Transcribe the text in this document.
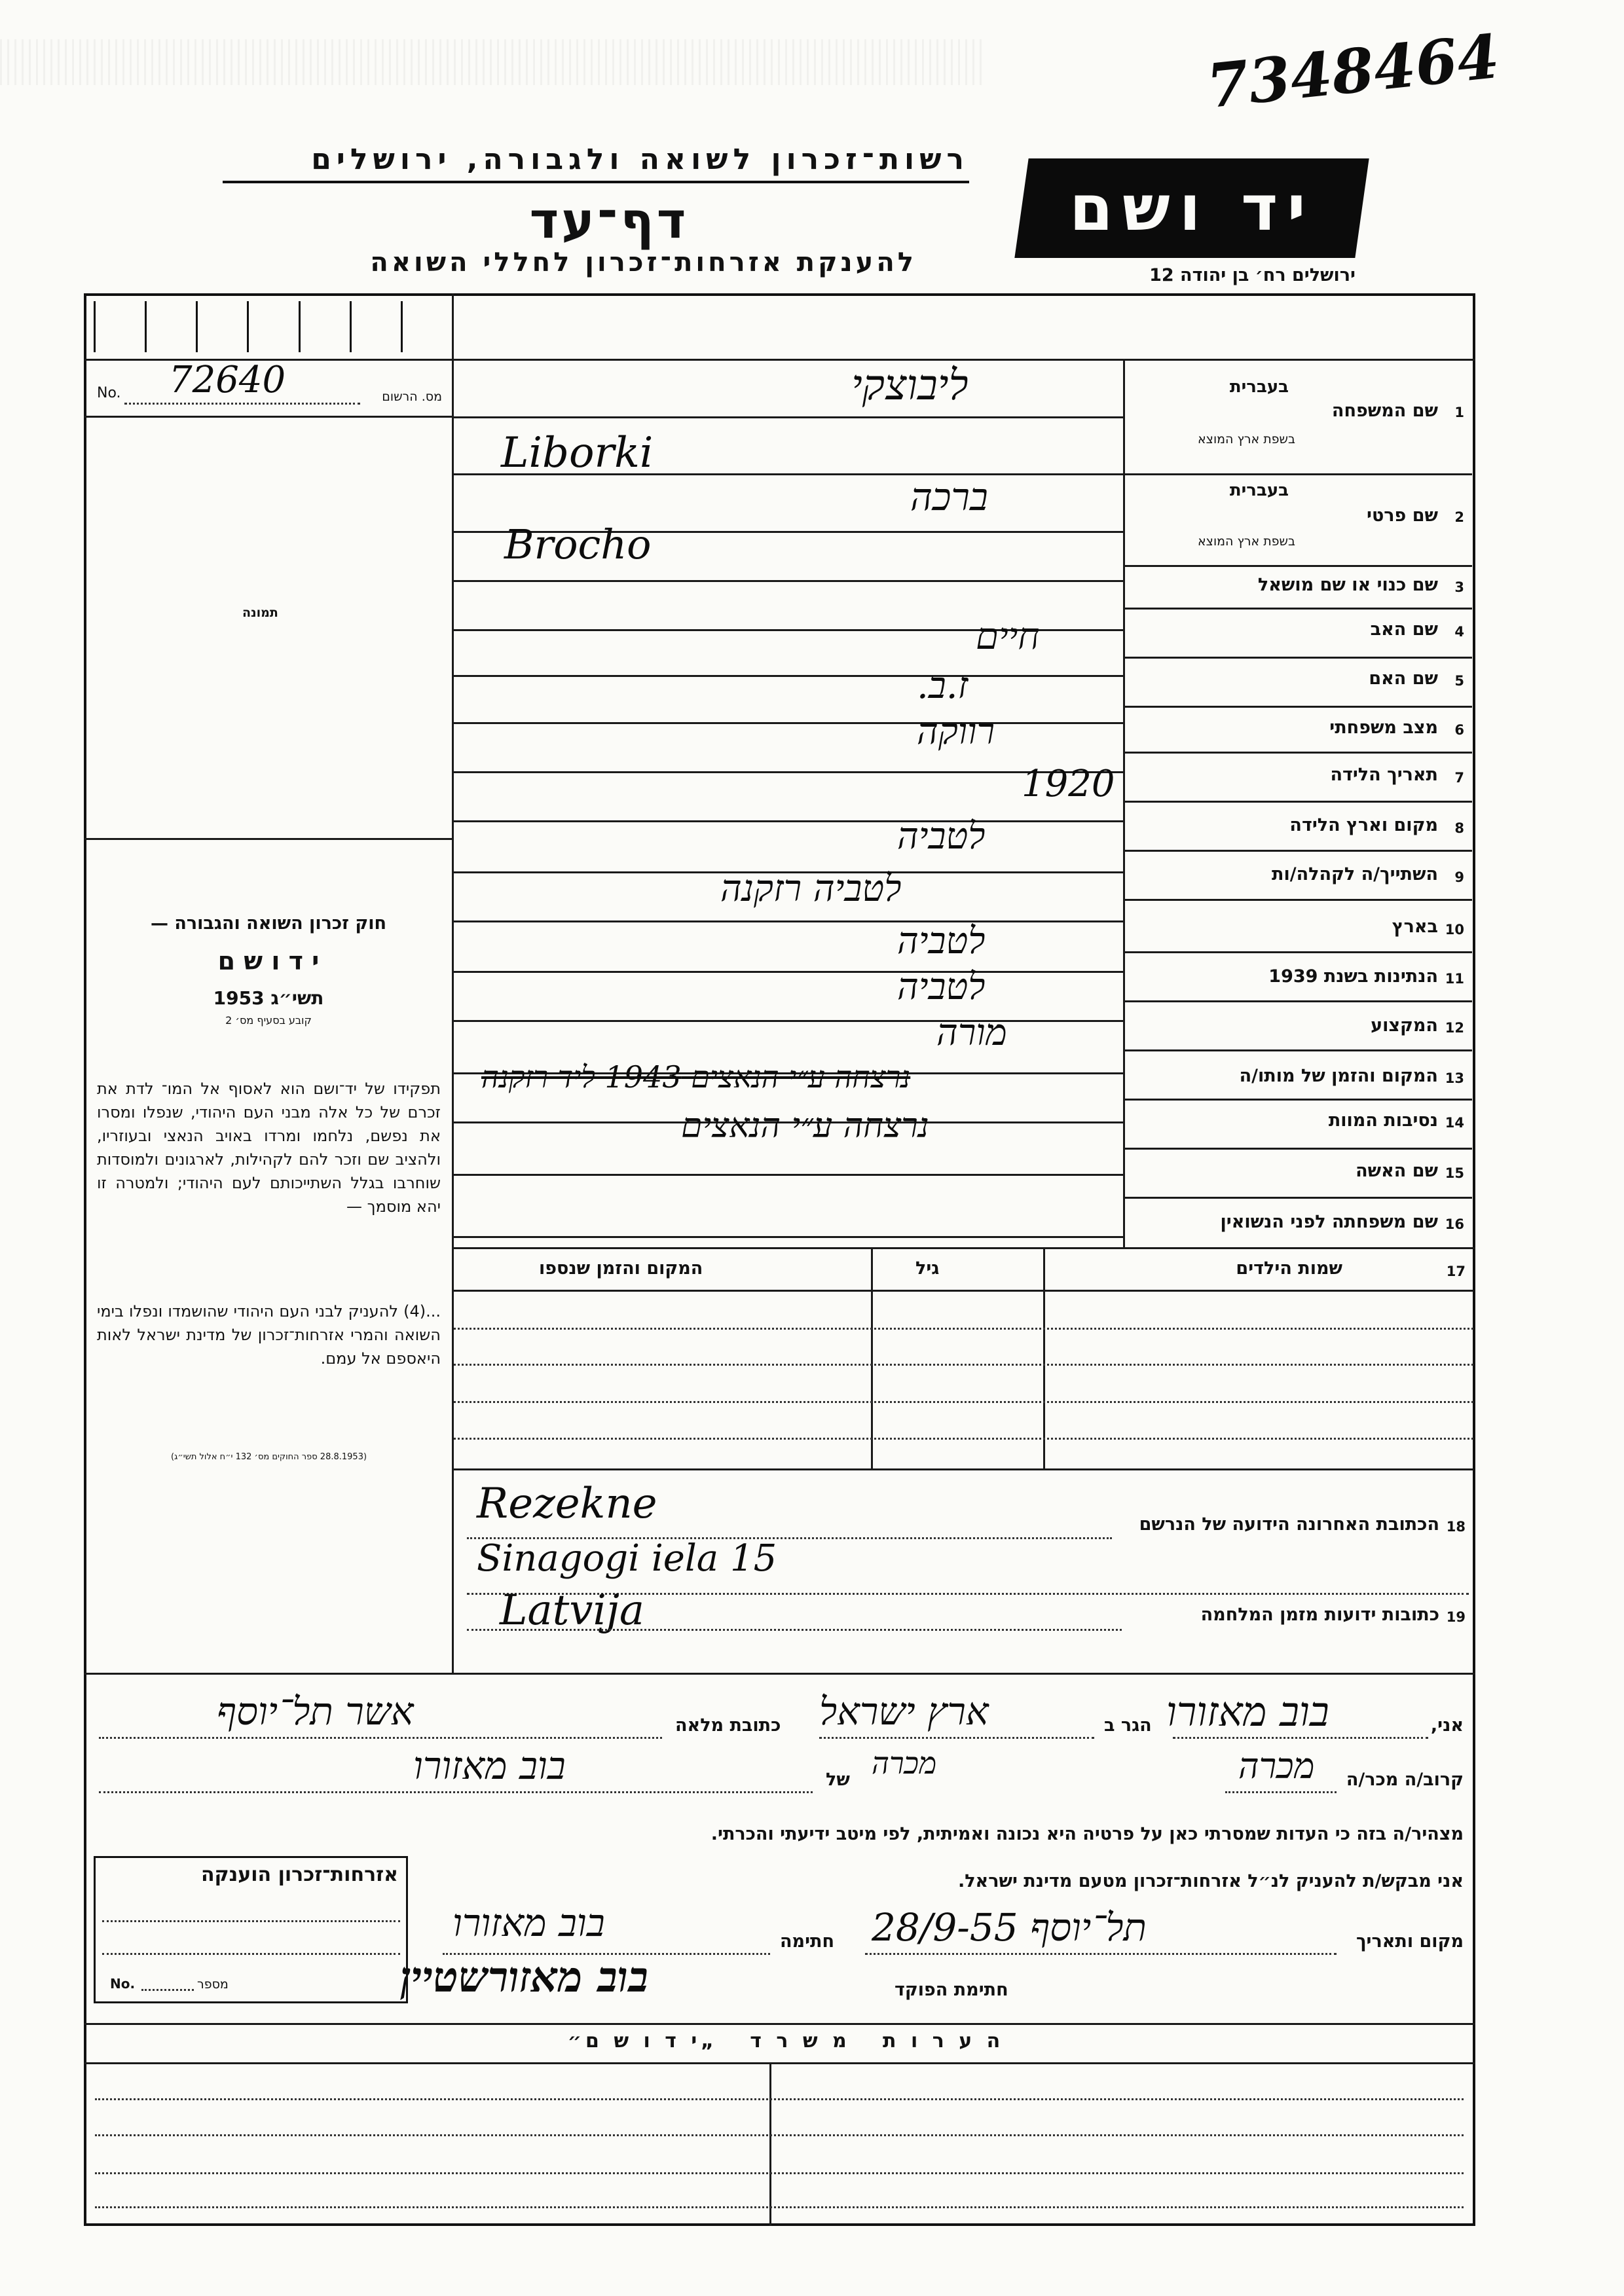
7348464
רשות־זכרון לשואה ולגבורה, ירושלים
דף־עד
להענקת אזרחות־זכרון לחללי השואה
יד ושם
ירושלים רח׳ בן יהודה 12
No. 72640	מס. הרשום
תמונה
חוק זכרון השואה והגבורה —
י ד ו ש ם
תשי״ג 1953
קובע בסעיף מס׳ 2
תפקידו של יד־ושם הוא לאסוף אל המו־ לדת את זכרם של כל אלה מבני העם היהודי, שנפלו ומסרו את נפשם, נלחמו ומרדו באויב הנאצי ובעוזריו, ולהציב שם וזכר להם לקהילות, לארגונים ולמוסדות שוחרבו בגלל השתייכותם לעם היהודי; ולמטרה זו יהא מוסמך —
...(4) להעניק לבני העם היהודי שהושמדו ונפלו בימי השואה והמרי אזרחות־זכרון של מדינת ישראל לאות היאספם אל עמם.
(28.8.1953 ספר החוקים מס׳ 132 י״ח אלול תשי״ג)
ליבוצקי
Liborki
ברכה
Brocho
חיים
ז.ב.
רווקה
1920
לטביה
לטביה רזקנה
לטביה
לטביה
מורה
נרצחה ע״י הנאצים 1943 ליד רזקנה
נרצחה ע״י הנאצים
1
שם המשפחה
בעברית
בשפת ארץ המוצא
2
שם פרטי
בעברית
בשפת ארץ המוצא
3
שם כנוי או שם מושאל
4
שם האב
5
שם האם
6
מצב משפחתי
7
תאריך הלידה
8
מקום וארץ הלידה
9
השתייך/ה לקהלה/ות
10
בארץ
11
הנתינות בשנת 1939
12
המקצוע
13
המקום והזמן של מותו/ה
14
נסיבות המוות
15
שם האשה
16
שם משפחתה לפני הנשואין
17
שמות הילדים
גיל
המקום והזמן שנספו
18
הכתובת האחרונה הידועה של הנרשם
Rezekne
Sinagogi iela 15
19
כתובות ידועות מזמן המלחמה
Latvija
אני,
בוב מאזורו
הגר ב
ארץ ישראל
כתובת מלאה
אשר תל־יוסף
קרוב/ה מכר/ה
מכרה
מכרה
של
בוב מאזורו
מצהיר/ה בזה כי העדות שמסרתי כאן על פרטיה היא נכונה ואמיתית, לפי מיטב ידיעתי והכרתי.
אני מבקש/ת להעניק לנ״ל אזרחות־זכרון מטעם מדינת ישראל.
מקום ותאריך
תל־יוסף 28/9-55
חתימה
בוב מאזורו
חתימת הפוקד
בוב מאזורשטיין
אזרחות־זכרון הוענקה
No.	מספר
ה ע ר ו ת   מ ש ר ד   „י ד ו ש ם״
